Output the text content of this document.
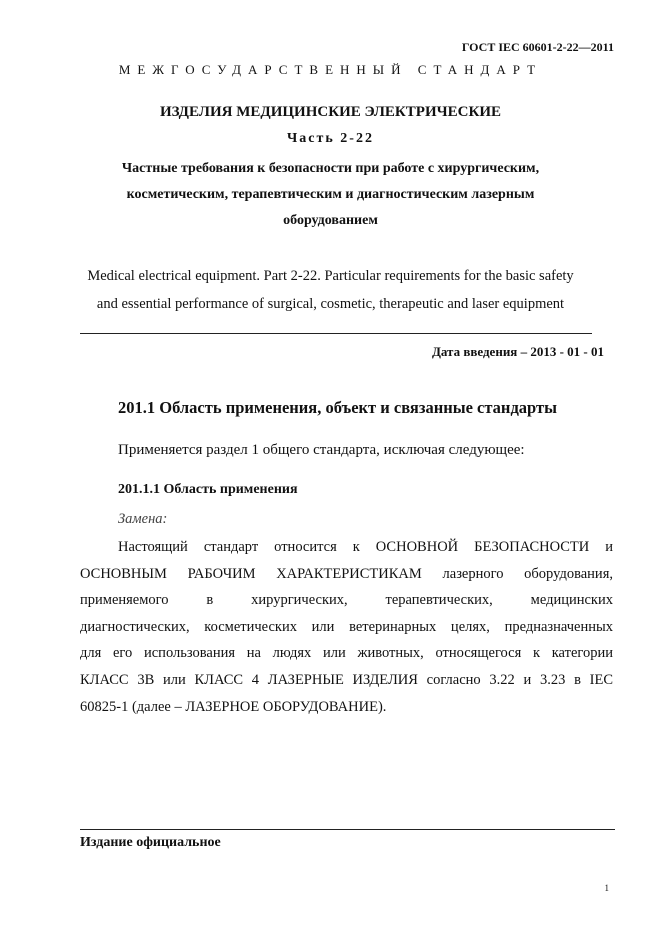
ГОСТ IEC 60601-2-22—2011
МЕЖГОСУДАРСТВЕННЫЙ СТАНДАРТ
ИЗДЕЛИЯ МЕДИЦИНСКИЕ ЭЛЕКТРИЧЕСКИЕ
Часть 2-22
Частные требования к безопасности при работе с хирургическим,
косметическим, терапевтическим и диагностическим лазерным
оборудованием
Medical electrical equipment. Part 2-22. Particular requirements for the basic safety
and essential performance of surgical, cosmetic, therapeutic and laser equipment
Дата введения – 2013 - 01 - 01
201.1 Область применения, объект и связанные стандарты
Применяется раздел 1 общего стандарта, исключая следующее:
201.1.1 Область применения
Замена:
Настоящий стандарт относится к ОСНОВНОЙ БЕЗОПАСНОСТИ и
ОСНОВНЫМ РАБОЧИМ ХАРАКТЕРИСТИКАМ лазерного оборудования,
применяемого в хирургических, терапевтических, медицинских
диагностических, косметических или ветеринарных целях, предназначенных
для его использования на людях или животных, относящегося к категории
КЛАСС 3В или КЛАСС 4 ЛАЗЕРНЫЕ ИЗДЕЛИЯ согласно 3.22 и 3.23 в IEC
60825-1 (далее – ЛАЗЕРНОЕ ОБОРУДОВАНИЕ).
Издание официальное
1
